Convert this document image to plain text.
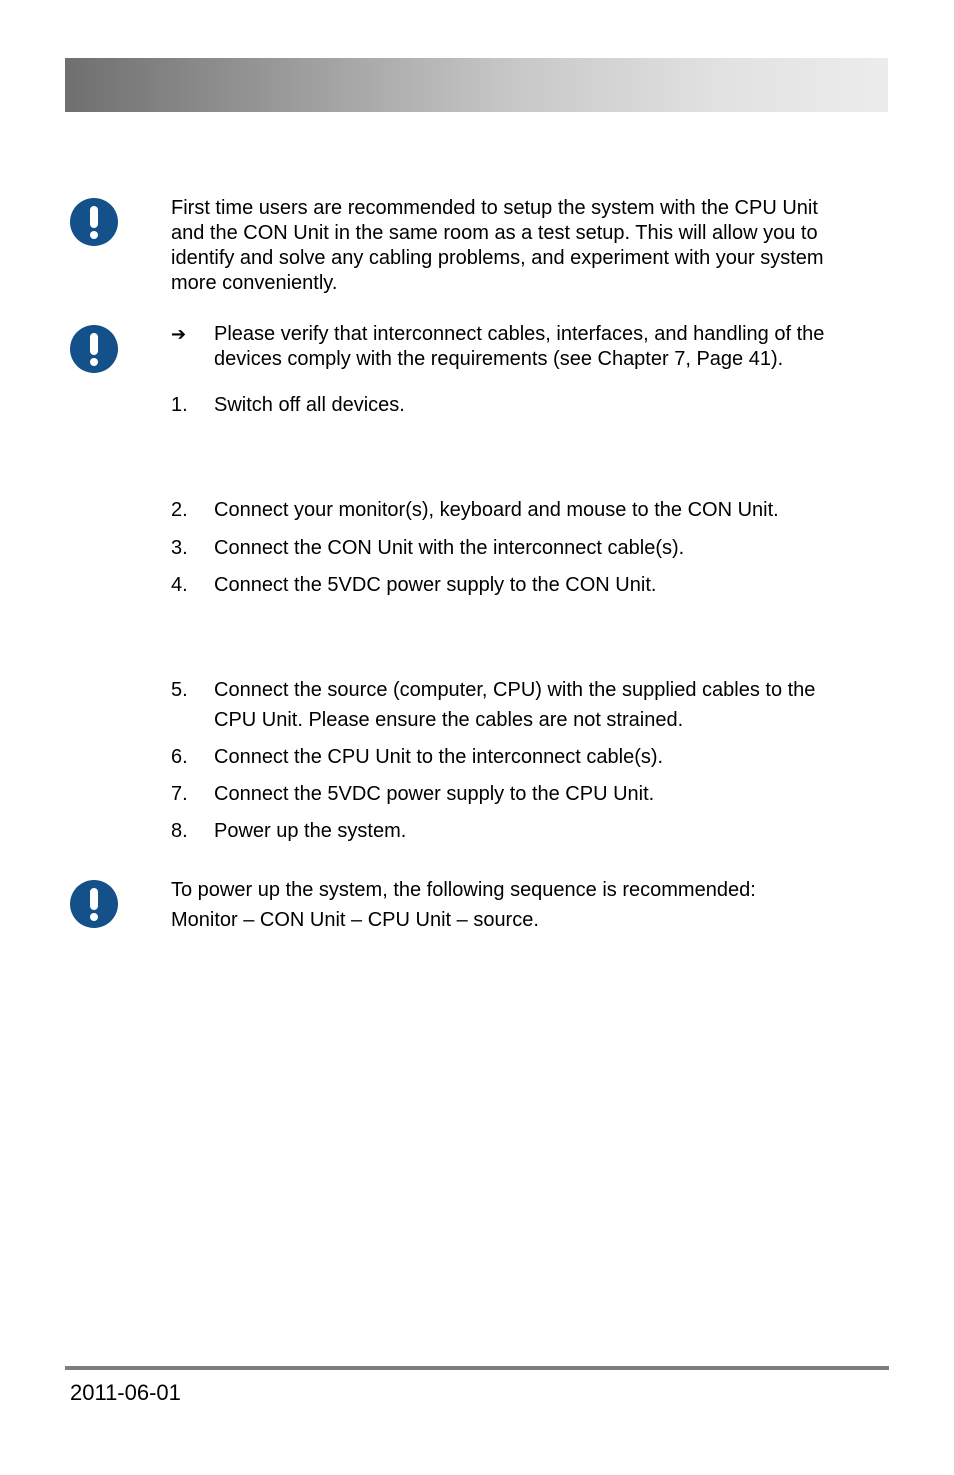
First time users are recommended to setup the system with the CPU Unit
and the CON Unit in the same room as a test setup. This will allow you to
identify and solve any cabling problems, and experiment with your system
more conveniently.
➔ Please verify that interconnect cables, interfaces, and handling of the
devices comply with the requirements (see Chapter 7, Page 41).
1. Switch off all devices.
2. Connect your monitor(s), keyboard and mouse to the CON Unit.
3. Connect the CON Unit with the interconnect cable(s).
4. Connect the 5VDC power supply to the CON Unit.
5. Connect the source (computer, CPU) with the supplied cables to the
CPU Unit. Please ensure the cables are not strained.
6. Connect the CPU Unit to the interconnect cable(s).
7. Connect the 5VDC power supply to the CPU Unit.
8. Power up the system.
To power up the system, the following sequence is recommended:
Monitor – CON Unit – CPU Unit – source.
2011-06-01
